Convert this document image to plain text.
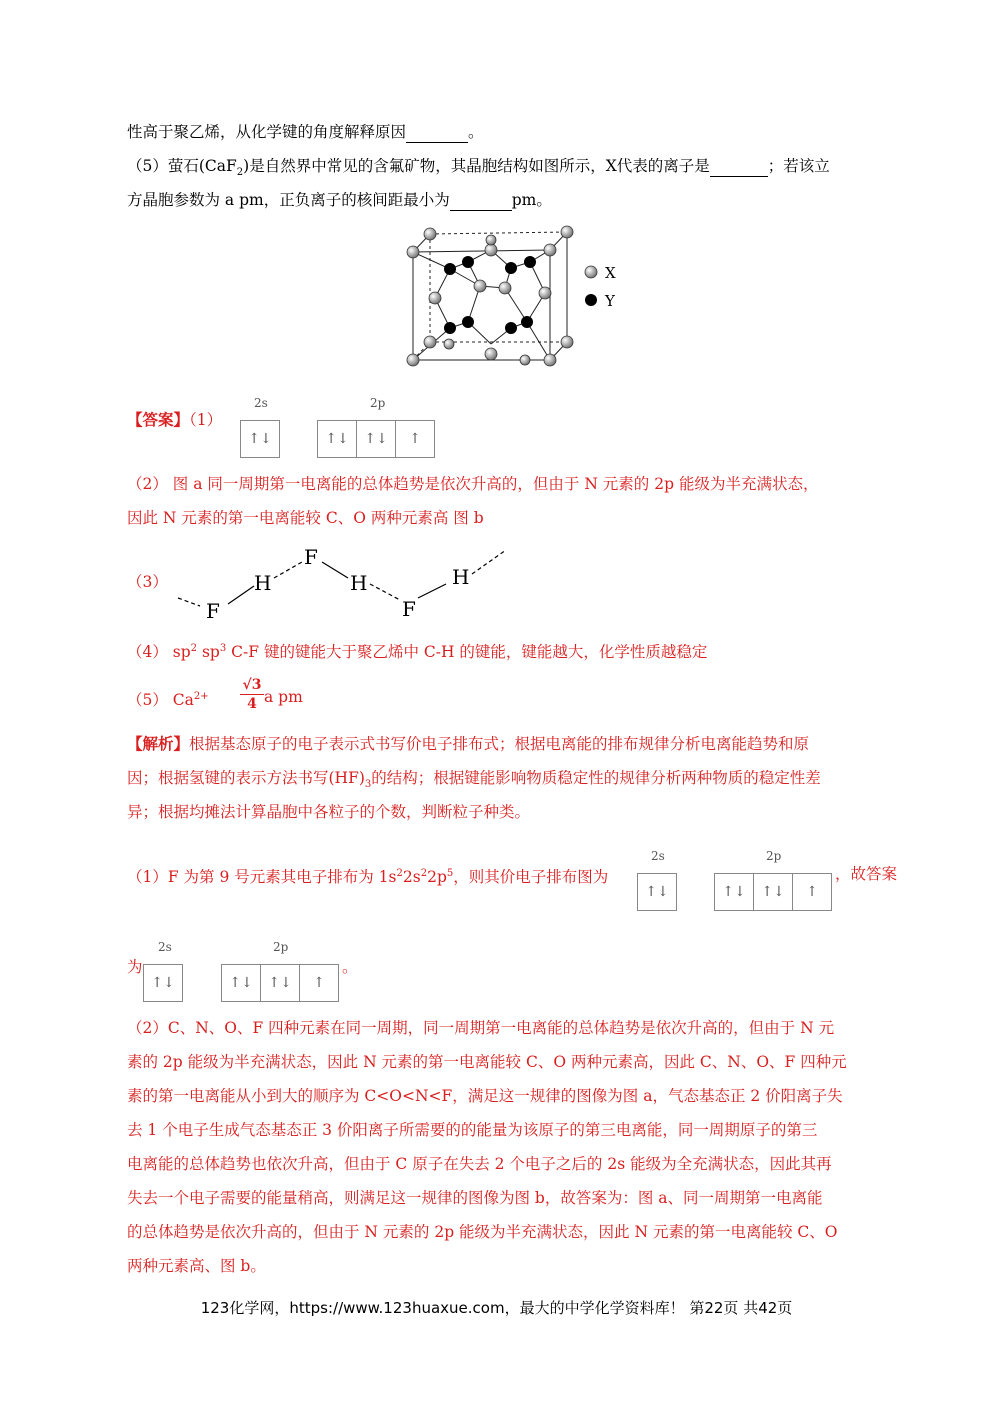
性高于聚乙烯，从化学键的角度解释原因	。
（5）萤石(CaF$_2$)是自然界中常见的含氟矿物，其晶胞结构如图所示，X代表的离子是	；若该立
方晶胞参数为 a pm，正负离子的核间距最小为	pm。
X
Y
【答案】（1）
2s	2p
↑↓	↑↓	↑↓	↑
（2） 图 a 同一周期第一电离能的总体趋势是依次升高的，但由于 N 元素的 2p 能级为半充满状态，
因此 N 元素的第一电离能较 C、O 两种元素高 图 b
（3）
F
H
F
H
F
H
（4） $sp^2$ $sp^3$ C-F 键的键能大于聚乙烯中 C-H 的键能，键能越大，化学性质越稳定
（5） $Ca^{2+}$
√3
4 a pm
【解析】根据基态原子的电子表示式书写价电子排布式；根据电离能的排布规律分析电离能趋势和原
因；根据氢键的表示方法书写$(HF)_3$的结构；根据键能影响物质稳定性的规律分析两种物质的稳定性差
异；根据均摊法计算晶胞中各粒子的个数，判断粒子种类。
（1）F 为第 9 号元素其电子排布为 $1s^22s^22p^5$，则其价电子排布图为
2s	2p
↑↓	↑↓	↑↓	↑
，故答案
为
2s	2p
↑↓	↑↓	↑↓	↑
。
（2）C、N、O、F 四种元素在同一周期，同一周期第一电离能的总体趋势是依次升高的，但由于 N 元
素的 2p 能级为半充满状态，因此 N 元素的第一电离能较 C、O 两种元素高，因此 C、N、O、F 四种元
素的第一电离能从小到大的顺序为 C<O<N<F，满足这一规律的图像为图 a，气态基态正 2 价阳离子失
去 1 个电子生成气态基态正 3 价阳离子所需要的的能量为该原子的第三电离能，同一周期原子的第三
电离能的总体趋势也依次升高，但由于 C 原子在失去 2 个电子之后的 2s 能级为全充满状态，因此其再
失去一个电子需要的能量稍高，则满足这一规律的图像为图 b，故答案为：图 a、同一周期第一电离能
的总体趋势是依次升高的，但由于 N 元素的 2p 能级为半充满状态，因此 N 元素的第一电离能较 C、O
两种元素高、图 b。
123化学网，https://www.123huaxue.com，最大的中学化学资料库！ 第22页 共42页
